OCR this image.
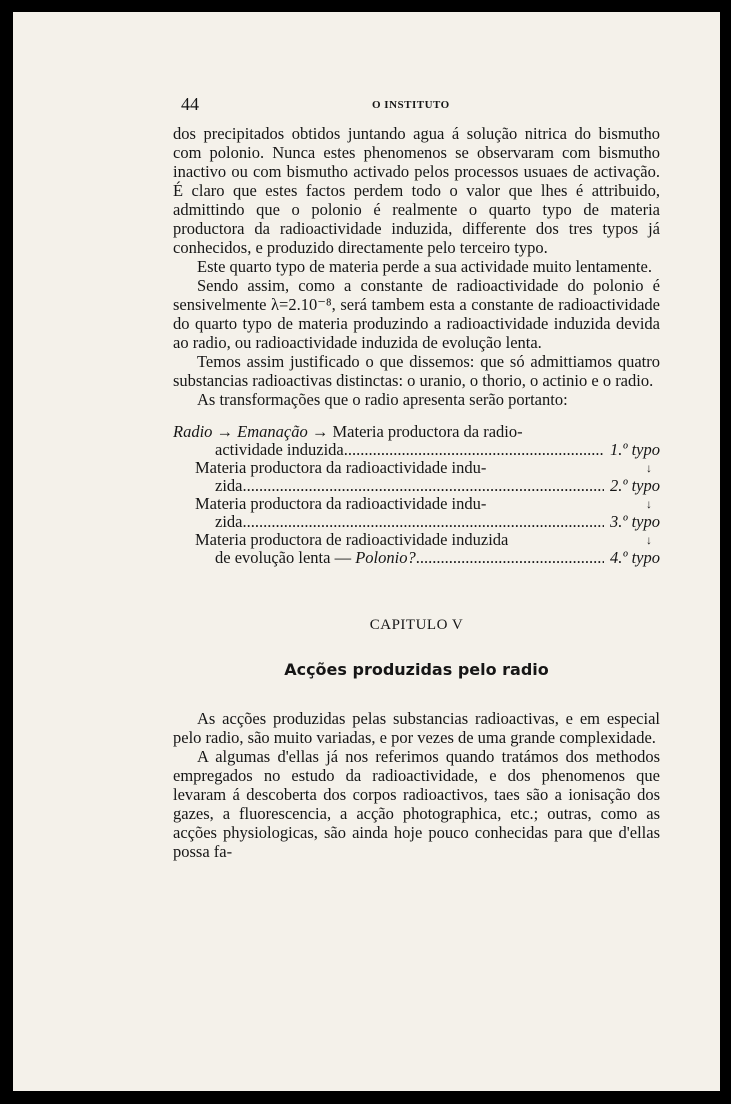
44	O INSTITUTO

dos precipitados obtidos juntando agua á solução nitrica do bismutho com polonio. Nunca estes phenomenos se observaram com bismutho inactivo ou com bismutho activado pelos processos usuaes de activação. É claro que estes factos perdem todo o valor que lhes é attribuido, admittindo que o polonio é realmente o quarto typo de materia productora da radioactividade induzida, differente dos tres typos já conhecidos, e produzido directamente pelo terceiro typo.

Este quarto typo de materia perde a sua actividade muito lentamente.

Sendo assim, como a constante de radioactividade do polonio é sensivelmente λ=2.10⁻⁸, será tambem esta a constante de radioactividade do quarto typo de materia produzindo a radioactividade induzida devida ao radio, ou radioactividade induzida de evolução lenta.

Temos assim justificado o que dissemos: que só admittiamos quatro substancias radioactivas distinctas: o uranio, o thorio, o actinio e o radio.

As transformações que o radio apresenta serão portanto:

Radio → Emanação → Materia productora da radio-
actividade induzida .....	1.º typo
Materia productora da radioactividade indu-	↓
zida .....	2.º typo
Materia productora da radioactividade indu-	↓
zida .....	3.º typo
Materia productora de radioactividade induzida	↓
de evolução lenta — Polonio? .....	4.º typo
CAPITULO V
Acções produzidas pelo radio

As acções produzidas pelas substancias radioactivas, e em especial pelo radio, são muito variadas, e por vezes de uma grande complexidade.

A algumas d'ellas já nos referimos quando tratámos dos methodos empregados no estudo da radioactividade, e dos phenomenos que levaram á descoberta dos corpos radioactivos, taes são a ionisação dos gazes, a fluorescencia, a acção photographica, etc.; outras, como as acções physiologicas, são ainda hoje pouco conhecidas para que d'ellas possa fa-
